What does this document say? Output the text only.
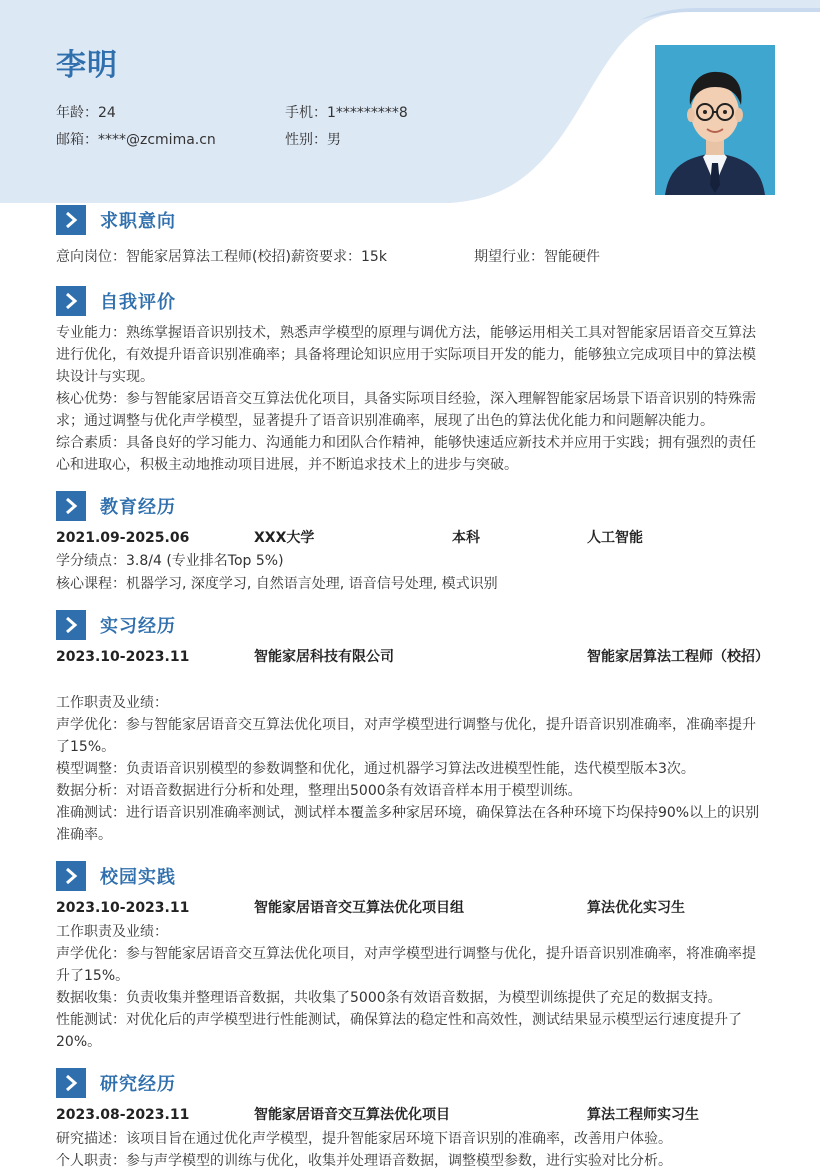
李明
年龄：24	手机：1*********8
邮箱：****@zcmima.cn	性别：男
求职意向
意向岗位：智能家居算法工程师(校招) 薪资要求：15k	期望行业：智能硬件
自我评价
专业能力：熟练掌握语音识别技术，熟悉声学模型的原理与调优方法，能够运用相关工具对智能家居语音交互算法进行优化，有效提升语音识别准确率；具备将理论知识应用于实际项目开发的能力，能够独立完成项目中的算法模块设计与实现。
核心优势：参与智能家居语音交互算法优化项目，具备实际项目经验，深入理解智能家居场景下语音识别的特殊需求；通过调整与优化声学模型，显著提升了语音识别准确率，展现了出色的算法优化能力和问题解决能力。
综合素质：具备良好的学习能力、沟通能力和团队合作精神，能够快速适应新技术并应用于实践；拥有强烈的责任心和进取心，积极主动地推动项目进展，并不断追求技术上的进步与突破。
教育经历
2021.09-2025.06	XXX大学	本科	人工智能
学分绩点：3.8/4 (专业排名Top 5%)
核心课程：机器学习, 深度学习, 自然语言处理, 语音信号处理, 模式识别
实习经历
2023.10-2023.11	智能家居科技有限公司	智能家居算法工程师（校招）
工作职责及业绩：
声学优化：参与智能家居语音交互算法优化项目，对声学模型进行调整与优化，提升语音识别准确率，准确率提升了15%。
模型调整：负责语音识别模型的参数调整和优化，通过机器学习算法改进模型性能，迭代模型版本3次。
数据分析：对语音数据进行分析和处理，整理出5000条有效语音样本用于模型训练。
准确测试：进行语音识别准确率测试，测试样本覆盖多种家居环境，确保算法在各种环境下均保持90%以上的识别准确率。
校园实践
2023.10-2023.11	智能家居语音交互算法优化项目组	算法优化实习生
工作职责及业绩：
声学优化：参与智能家居语音交互算法优化项目，对声学模型进行调整与优化，提升语音识别准确率，将准确率提升了15%。
数据收集：负责收集并整理语音数据，共收集了5000条有效语音数据，为模型训练提供了充足的数据支持。
性能测试：对优化后的声学模型进行性能测试，确保算法的稳定性和高效性，测试结果显示模型运行速度提升了20%。
研究经历
2023.08-2023.11	智能家居语音交互算法优化项目	算法工程师实习生
研究描述：该项目旨在通过优化声学模型，提升智能家居环境下语音识别的准确率，改善用户体验。
个人职责：参与声学模型的训练与优化，收集并处理语音数据，调整模型参数，进行实验对比分析。
